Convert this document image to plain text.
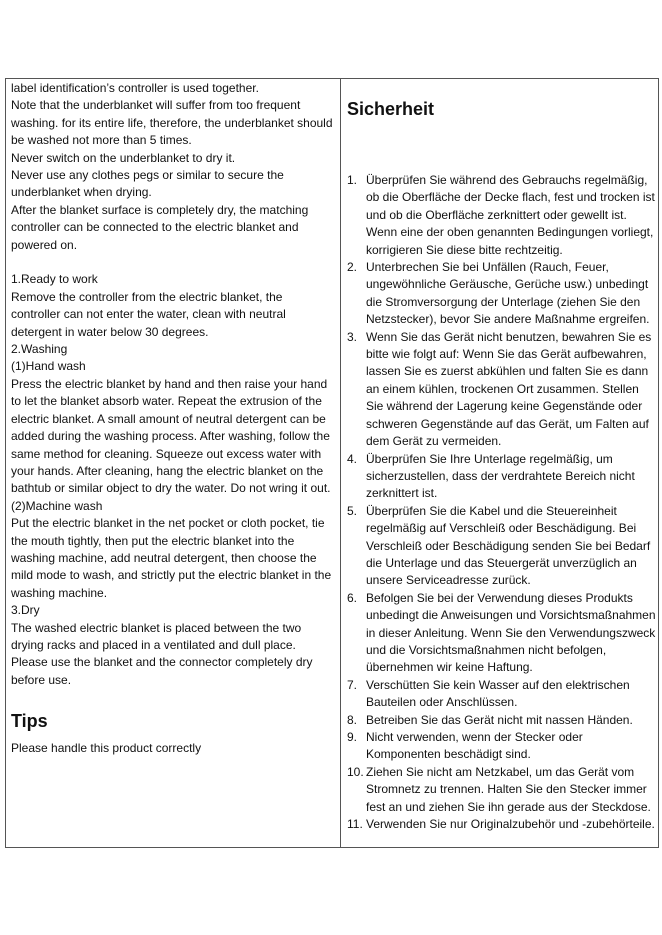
label identification’s controller is used together.

Note that the underblanket will suffer from too frequent washing. for its entire life, therefore, the underblanket should be washed not more than 5 times.

Never switch on the underblanket to dry it.

Never use any clothes pegs or similar to secure the underblanket when drying.

After the blanket surface is completely dry, the matching controller can be connected to the electric blanket and powered on.

1.Ready to work

Remove the controller from the electric blanket, the controller can not enter the water, clean with neutral detergent in water below 30 degrees.

2.Washing

(1)Hand wash

Press the electric blanket by hand and then raise your hand to let the blanket absorb water. Repeat the extrusion of the electric blanket. A small amount of neutral detergent can be added during the washing process. After washing, follow the same method for cleaning. Squeeze out excess water with your hands. After cleaning, hang the electric blanket on the bathtub or similar object to dry the water. Do not wring it out.

(2)Machine wash

Put the electric blanket in the net pocket or cloth pocket, tie the mouth tightly, then put the electric blanket into the washing machine, add neutral detergent, then choose the mild mode to wash, and strictly put the electric blanket in the washing machine.

3.Dry

The washed electric blanket is placed between the two drying racks and placed in a ventilated and dull place. Please use the blanket and the connector completely dry before use.

Tips

Please handle this product correctly

Sicherheit
1. Überprüfen Sie während des Gebrauchs regelmäßig, ob die Oberfläche der Decke flach, fest und trocken ist und ob die Oberfläche zerknittert oder gewellt ist. Wenn eine der oben genannten Bedingungen vorliegt, korrigieren Sie diese bitte rechtzeitig.
2. Unterbrechen Sie bei Unfällen (Rauch, Feuer, ungewöhnliche Geräusche, Gerüche usw.) unbedingt die Stromversorgung der Unterlage (ziehen Sie den Netzstecker), bevor Sie andere Maßnahme ergreifen.
3. Wenn Sie das Gerät nicht benutzen, bewahren Sie es bitte wie folgt auf: Wenn Sie das Gerät aufbewahren, lassen Sie es zuerst abkühlen und falten Sie es dann an einem kühlen, trockenen Ort zusammen. Stellen Sie während der Lagerung keine Gegenstände oder schweren Gegenstände auf das Gerät, um Falten auf dem Gerät zu vermeiden.
4. Überprüfen Sie Ihre Unterlage regelmäßig, um sicherzustellen, dass der verdrahtete Bereich nicht zerknittert ist.
5. Überprüfen Sie die Kabel und die Steuereinheit regelmäßig auf Verschleiß oder Beschädigung. Bei Verschleiß oder Beschädigung senden Sie bei Bedarf die Unterlage und das Steuergerät unverzüglich an unsere Serviceadresse zurück.
6. Befolgen Sie bei der Verwendung dieses Produkts unbedingt die Anweisungen und Vorsichtsmaßnahmen in dieser Anleitung. Wenn Sie den Verwendungszweck und die Vorsichtsmaßnahmen nicht befolgen, übernehmen wir keine Haftung.
7. Verschütten Sie kein Wasser auf den elektrischen Bauteilen oder Anschlüssen.
8. Betreiben Sie das Gerät nicht mit nassen Händen.
9. Nicht verwenden, wenn der Stecker oder Komponenten beschädigt sind.
10. Ziehen Sie nicht am Netzkabel, um das Gerät vom Stromnetz zu trennen. Halten Sie den Stecker immer fest an und ziehen Sie ihn gerade aus der Steckdose.
11. Verwenden Sie nur Originalzubehör und -zubehörteile.
